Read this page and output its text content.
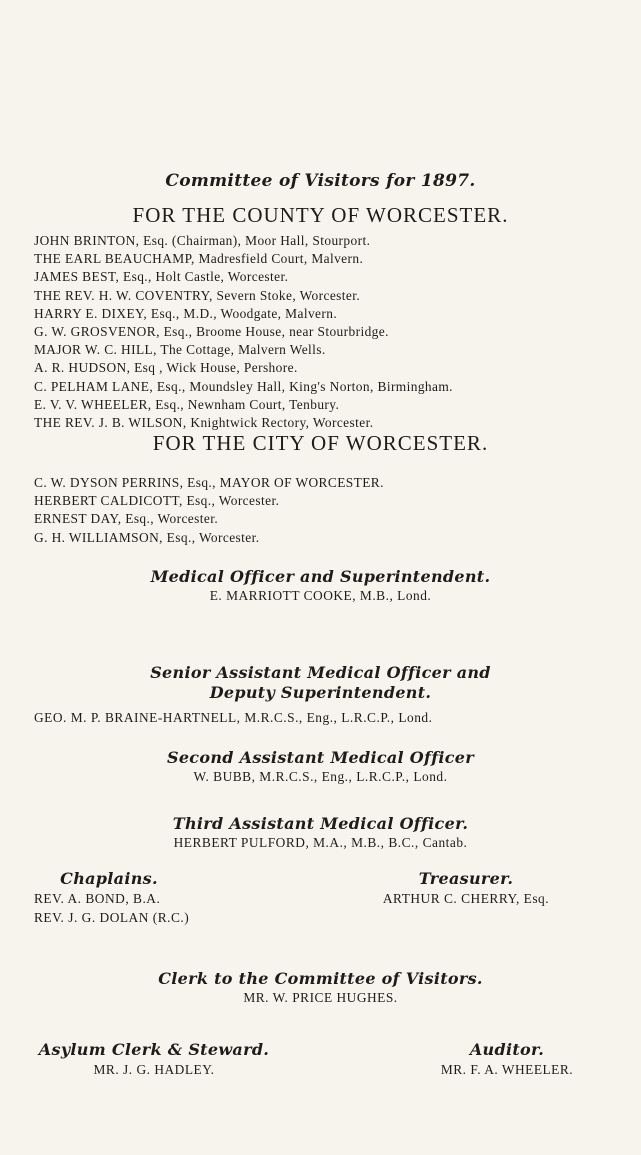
Committee of Visitors for 1897.
FOR THE COUNTY OF WORCESTER.
JOHN BRINTON, Esq. (Chairman), Moor Hall, Stourport.
THE EARL BEAUCHAMP, Madresfield Court, Malvern.
JAMES BEST, Esq., Holt Castle, Worcester.
THE REV. H. W. COVENTRY, Severn Stoke, Worcester.
HARRY E. DIXEY, Esq., M.D., Woodgate, Malvern.
G. W. GROSVENOR, Esq., Broome House, near Stourbridge.
MAJOR W. C. HILL, The Cottage, Malvern Wells.
A. R. HUDSON, Esq , Wick House, Pershore.
C. PELHAM LANE, Esq., Moundsley Hall, King's Norton, Birmingham.
E. V. V. WHEELER, Esq., Newnham Court, Tenbury.
THE REV. J. B. WILSON, Knightwick Rectory, Worcester.
FOR THE CITY OF WORCESTER.
C. W. DYSON PERRINS, Esq., MAYOR OF WORCESTER.
HERBERT CALDICOTT, Esq., Worcester.
ERNEST DAY, Esq., Worcester.
G. H. WILLIAMSON, Esq., Worcester.
Medical Officer and Superintendent.
E. MARRIOTT COOKE, M.B., Lond.
Senior Assistant Medical Officer and
Deputy Superintendent.
GEO. M. P. BRAINE-HARTNELL, M.R.C.S., Eng., L.R.C.P., Lond.
Second Assistant Medical Officer
W. BUBB, M.R.C.S., Eng., L.R.C.P., Lond.
Third Assistant Medical Officer.
HERBERT PULFORD, M.A., M.B., B.C., Cantab.
Chaplains.
REV. A. BOND, B.A.
REV. J. G. DOLAN (R.C.)
Treasurer.
ARTHUR C. CHERRY, Esq.
Clerk to the Committee of Visitors.
MR. W. PRICE HUGHES.
Asylum Clerk & Steward.
MR. J. G. HADLEY.
Auditor.
MR. F. A. WHEELER.
